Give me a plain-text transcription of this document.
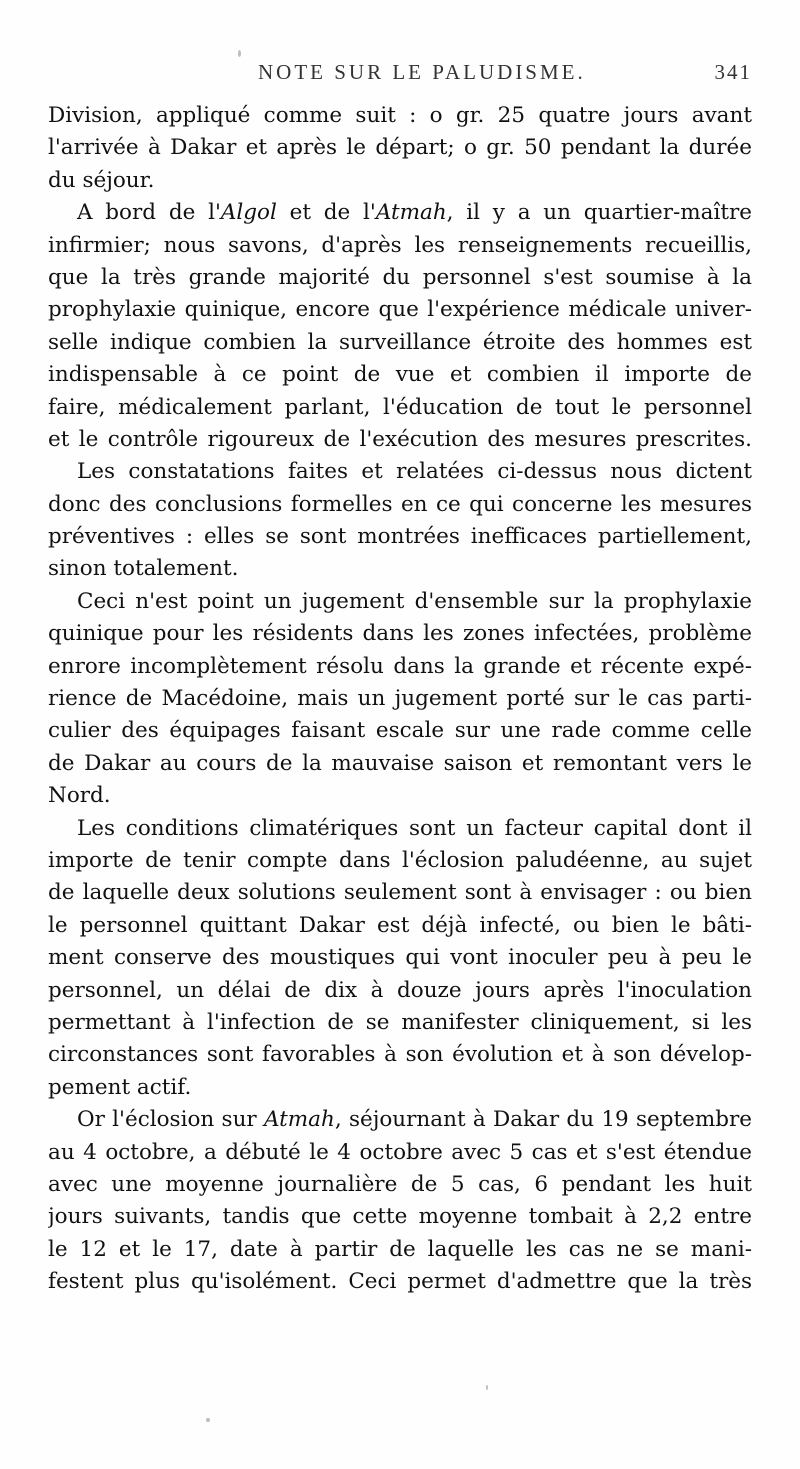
NOTE SUR LE PALUDISME.	341
Division, appliqué comme suit : o gr. 25 quatre jours avant
l'arrivée à Dakar et après le départ; o gr. 50 pendant la durée
du séjour.
A bord de l'Algol et de l'Atmah, il y a un quartier-maître
infirmier; nous savons, d'après les renseignements recueillis,
que la très grande majorité du personnel s'est soumise à la
prophylaxie quinique, encore que l'expérience médicale univer-
selle indique combien la surveillance étroite des hommes est
indispensable à ce point de vue et combien il importe de
faire, médicalement parlant, l'éducation de tout le personnel
et le contrôle rigoureux de l'exécution des mesures prescrites.
Les constatations faites et relatées ci-dessus nous dictent
donc des conclusions formelles en ce qui concerne les mesures
préventives : elles se sont montrées inefficaces partiellement,
sinon totalement.
Ceci n'est point un jugement d'ensemble sur la prophylaxie
quinique pour les résidents dans les zones infectées, problème
enrore incomplètement résolu dans la grande et récente expé-
rience de Macédoine, mais un jugement porté sur le cas parti-
culier des équipages faisant escale sur une rade comme celle
de Dakar au cours de la mauvaise saison et remontant vers le
Nord.
Les conditions climatériques sont un facteur capital dont il
importe de tenir compte dans l'éclosion paludéenne, au sujet
de laquelle deux solutions seulement sont à envisager : ou bien
le personnel quittant Dakar est déjà infecté, ou bien le bâti-
ment conserve des moustiques qui vont inoculer peu à peu le
personnel, un délai de dix à douze jours après l'inoculation
permettant à l'infection de se manifester cliniquement, si les
circonstances sont favorables à son évolution et à son dévelop-
pement actif.
Or l'éclosion sur Atmah, séjournant à Dakar du 19 septembre
au 4 octobre, a débuté le 4 octobre avec 5 cas et s'est étendue
avec une moyenne journalière de 5 cas, 6 pendant les huit
jours suivants, tandis que cette moyenne tombait à 2,2 entre
le 12 et le 17, date à partir de laquelle les cas ne se mani-
festent plus qu'isolément. Ceci permet d'admettre que la très
